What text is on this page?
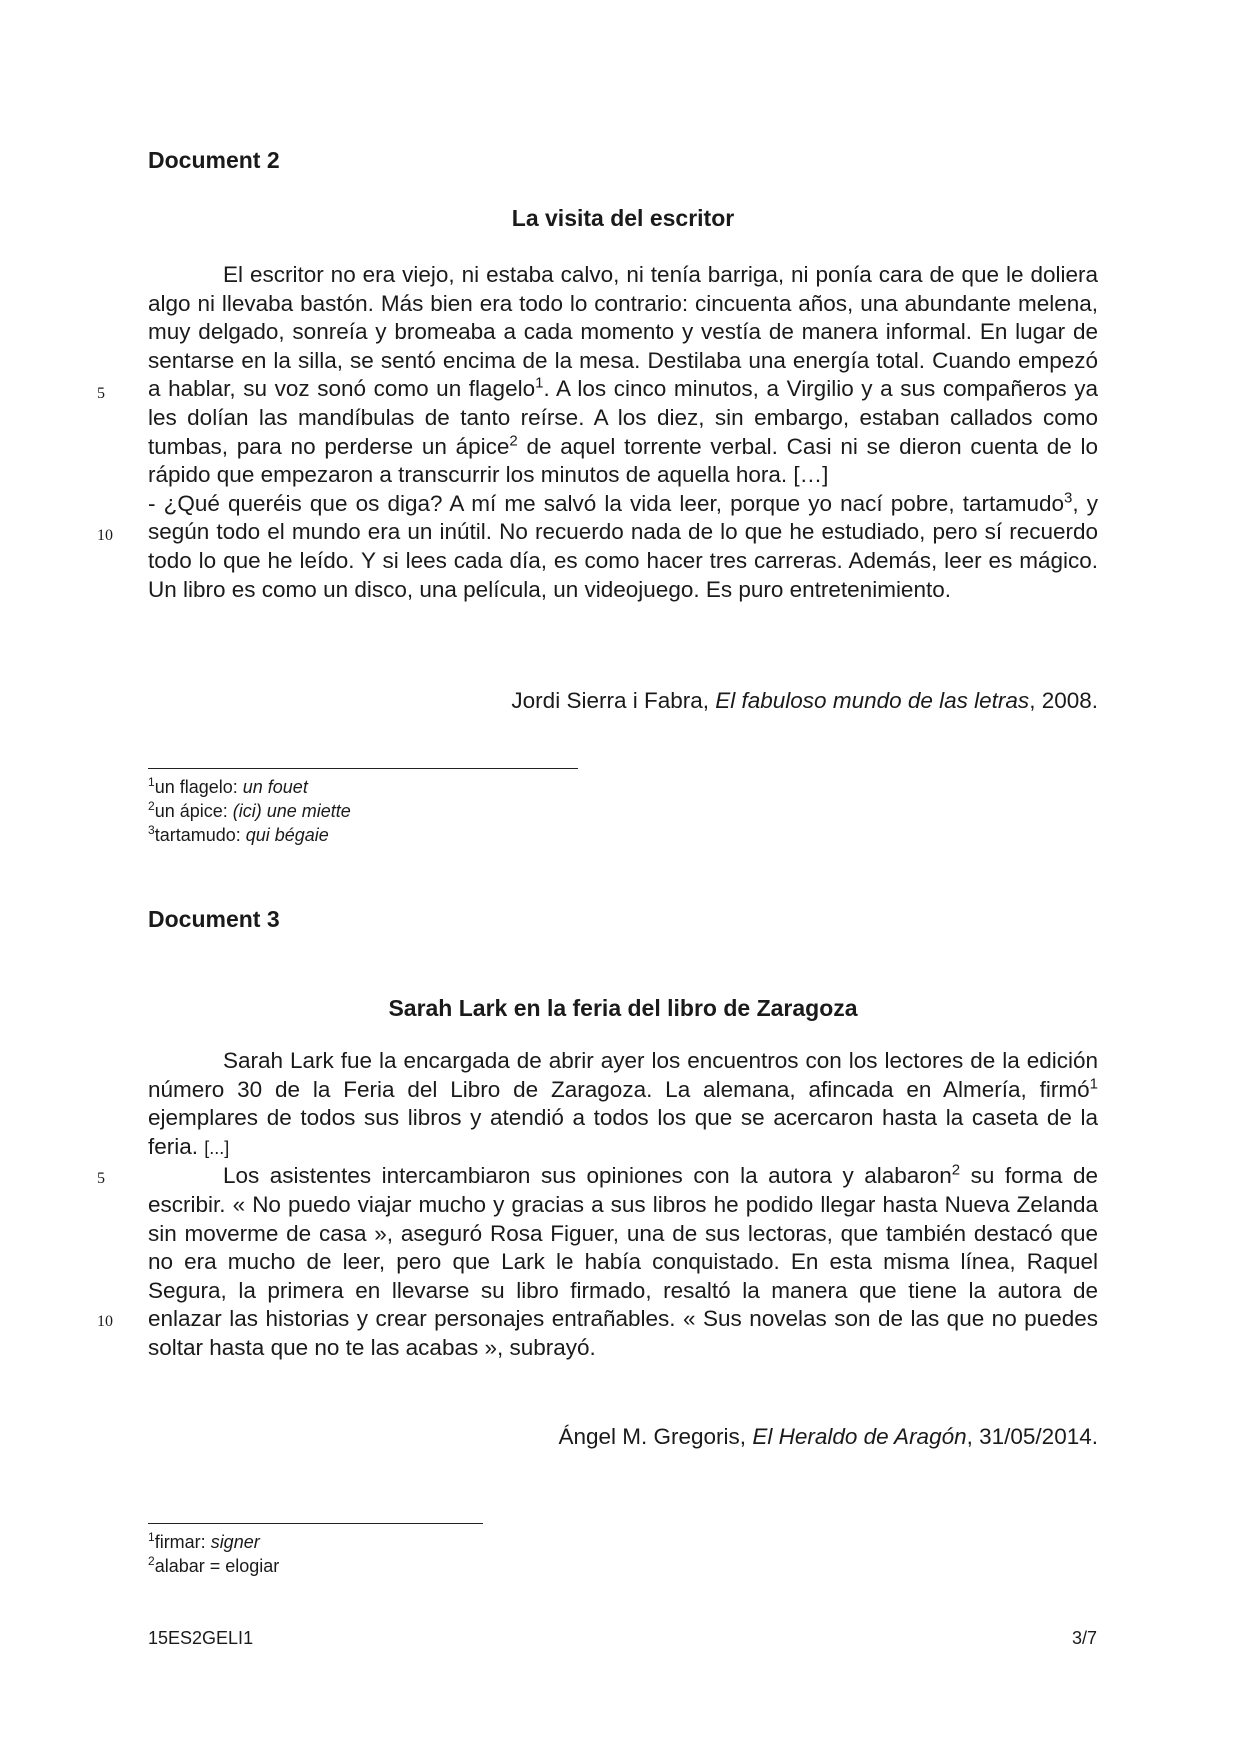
Document 2
La visita del escritor
5
10

El escritor no era viejo, ni estaba calvo, ni tenía barriga, ni ponía cara de que le doliera algo ni llevaba bastón. Más bien era todo lo contrario: cincuenta años, una abundante melena, muy delgado, sonreía y bromeaba a cada momento y vestía de manera informal. En lugar de sentarse en la silla, se sentó encima de la mesa. Destilaba una energía total. Cuando empezó a hablar, su voz sonó como un flagelo$^1$. A los cinco minutos, a Virgilio y a sus compañeros ya les dolían las mandíbulas de tanto reírse. A los diez, sin embargo, estaban callados como tumbas, para no perderse un ápice$^2$ de aquel torrente verbal. Casi ni se dieron cuenta de lo rápido que empezaron a transcurrir los minutos de aquella hora. […]

- ¿Qué queréis que os diga? A mí me salvó la vida leer, porque yo nací pobre, tartamudo$^3$, y según todo el mundo era un inútil. No recuerdo nada de lo que he estudiado, pero sí recuerdo todo lo que he leído. Y si lees cada día, es como hacer tres carreras. Además, leer es mágico. Un libro es como un disco, una película, un videojuego. Es puro entretenimiento.

Jordi Sierra i Fabra, El fabuloso mundo de las letras, 2008.
$^1$un flagelo: un fouet
$^2$un ápice: (ici) une miette
$^3$tartamudo: qui bégaie
Document 3
Sarah Lark en la feria del libro de Zaragoza
5
10

Sarah Lark fue la encargada de abrir ayer los encuentros con los lectores de la edición número 30 de la Feria del Libro de Zaragoza. La alemana, afincada en Almería, firmó$^1$ ejemplares de todos sus libros y atendió a todos los que se acercaron hasta la caseta de la feria. [...]

Los asistentes intercambiaron sus opiniones con la autora y alabaron$^2$ su forma de escribir. « No puedo viajar mucho y gracias a sus libros he podido llegar hasta Nueva Zelanda sin moverme de casa », aseguró Rosa Figuer, una de sus lectoras, que también destacó que no era mucho de leer, pero que Lark le había conquistado. En esta misma línea, Raquel Segura, la primera en llevarse su libro firmado, resaltó la manera que tiene la autora de enlazar las historias y crear personajes entrañables. « Sus novelas son de las que no puedes soltar hasta que no te las acabas », subrayó.

Ángel M. Gregoris, El Heraldo de Aragón, 31/05/2014.
$^1$firmar: signer
$^2$alabar = elogiar
15ES2GELI1	3/7
